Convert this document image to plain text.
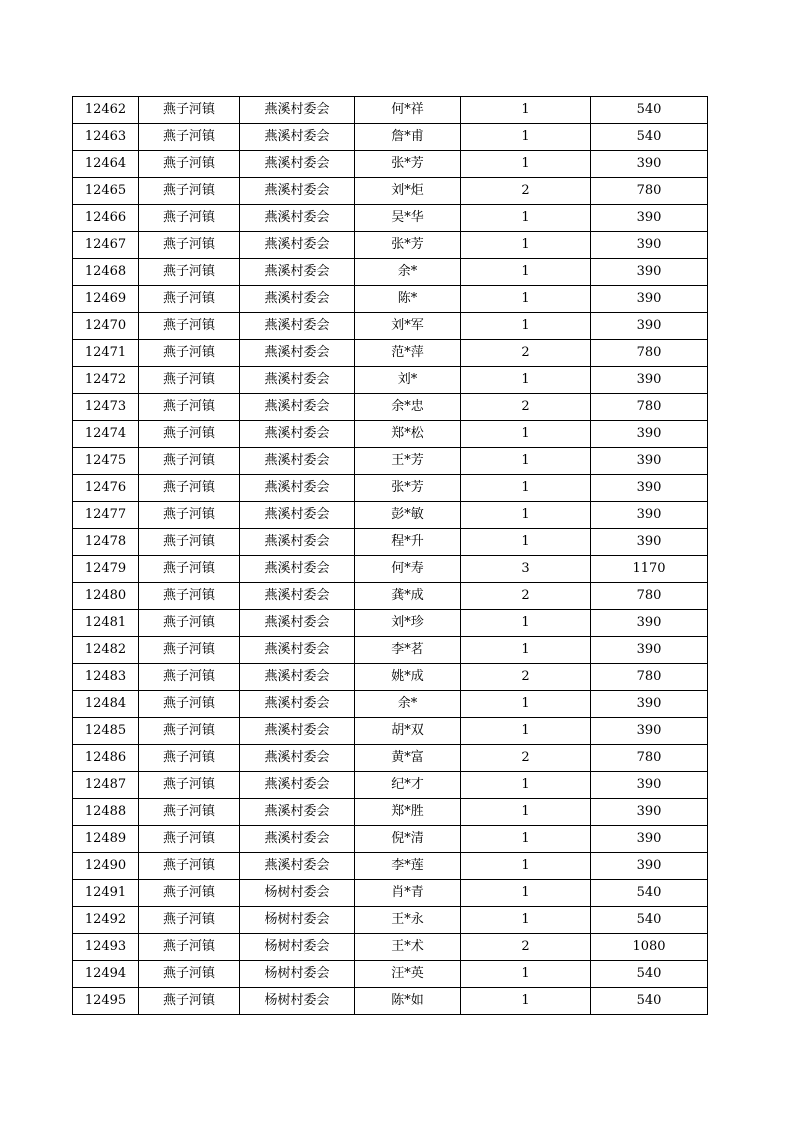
12462	燕子河镇	燕溪村委会	何*祥	1	540
12463	燕子河镇	燕溪村委会	詹*甫	1	540
12464	燕子河镇	燕溪村委会	张*芳	1	390
12465	燕子河镇	燕溪村委会	刘*炬	2	780
12466	燕子河镇	燕溪村委会	吴*华	1	390
12467	燕子河镇	燕溪村委会	张*芳	1	390
12468	燕子河镇	燕溪村委会	余*	1	390
12469	燕子河镇	燕溪村委会	陈*	1	390
12470	燕子河镇	燕溪村委会	刘*军	1	390
12471	燕子河镇	燕溪村委会	范*萍	2	780
12472	燕子河镇	燕溪村委会	刘*	1	390
12473	燕子河镇	燕溪村委会	余*忠	2	780
12474	燕子河镇	燕溪村委会	郑*松	1	390
12475	燕子河镇	燕溪村委会	王*芳	1	390
12476	燕子河镇	燕溪村委会	张*芳	1	390
12477	燕子河镇	燕溪村委会	彭*敏	1	390
12478	燕子河镇	燕溪村委会	程*升	1	390
12479	燕子河镇	燕溪村委会	何*寿	3	1170
12480	燕子河镇	燕溪村委会	龚*成	2	780
12481	燕子河镇	燕溪村委会	刘*珍	1	390
12482	燕子河镇	燕溪村委会	李*茗	1	390
12483	燕子河镇	燕溪村委会	姚*成	2	780
12484	燕子河镇	燕溪村委会	余*	1	390
12485	燕子河镇	燕溪村委会	胡*双	1	390
12486	燕子河镇	燕溪村委会	黄*富	2	780
12487	燕子河镇	燕溪村委会	纪*才	1	390
12488	燕子河镇	燕溪村委会	郑*胜	1	390
12489	燕子河镇	燕溪村委会	倪*清	1	390
12490	燕子河镇	燕溪村委会	李*莲	1	390
12491	燕子河镇	杨树村委会	肖*青	1	540
12492	燕子河镇	杨树村委会	王*永	1	540
12493	燕子河镇	杨树村委会	王*术	2	1080
12494	燕子河镇	杨树村委会	汪*英	1	540
12495	燕子河镇	杨树村委会	陈*如	1	540
